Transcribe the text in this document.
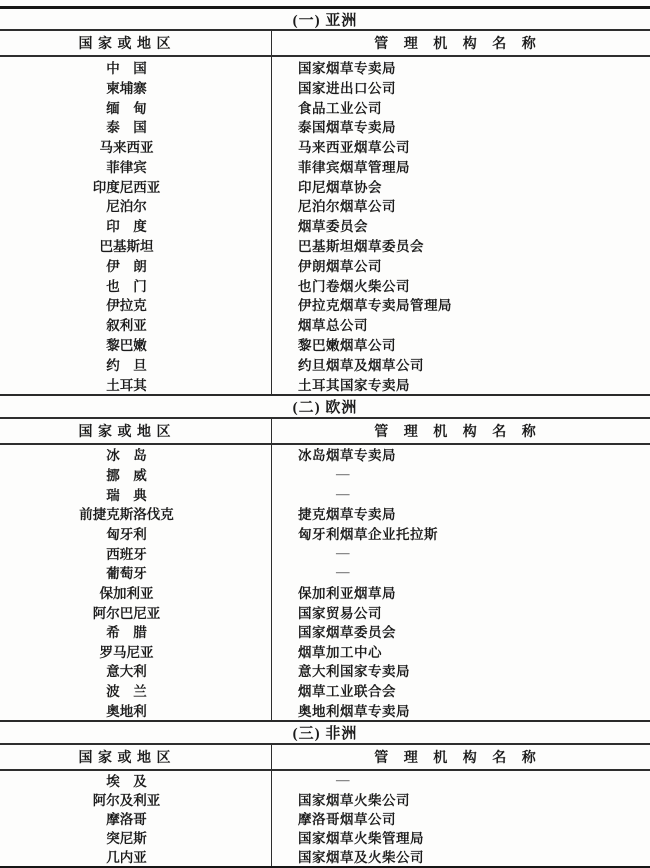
(一) 亚洲
国 家 或 地 区	管 理 机 构 名 称
中　国	国家烟草专卖局
柬埔寨	国家进出口公司
缅　甸	食品工业公司
泰　国	泰国烟草专卖局
马来西亚	马来西亚烟草公司
菲律宾	菲律宾烟草管理局
印度尼西亚	印尼烟草协会
尼泊尔	尼泊尔烟草公司
印　度	烟草委员会
巴基斯坦	巴基斯坦烟草委员会
伊　朗	伊朗烟草公司
也　门	也门卷烟火柴公司
伊拉克	伊拉克烟草专卖局管理局
叙利亚	烟草总公司
黎巴嫩	黎巴嫩烟草公司
约　旦	约旦烟草及烟草公司
土耳其	土耳其国家专卖局
(二) 欧洲
国 家 或 地 区	管 理 机 构 名 称
冰　岛	冰岛烟草专卖局
挪　威	—
瑞　典	—
前捷克斯洛伐克	捷克烟草专卖局
匈牙利	匈牙利烟草企业托拉斯
西班牙	—
葡萄牙	—
保加利亚	保加利亚烟草局
阿尔巴尼亚	国家贸易公司
希　腊	国家烟草委员会
罗马尼亚	烟草加工中心
意大利	意大利国家专卖局
波　兰	烟草工业联合会
奥地利	奥地利烟草专卖局
(三) 非洲
国 家 或 地 区	管 理 机 构 名 称
埃　及	—
阿尔及利亚	国家烟草火柴公司
摩洛哥	摩洛哥烟草公司
突尼斯	国家烟草火柴管理局
几内亚	国家烟草及火柴公司
